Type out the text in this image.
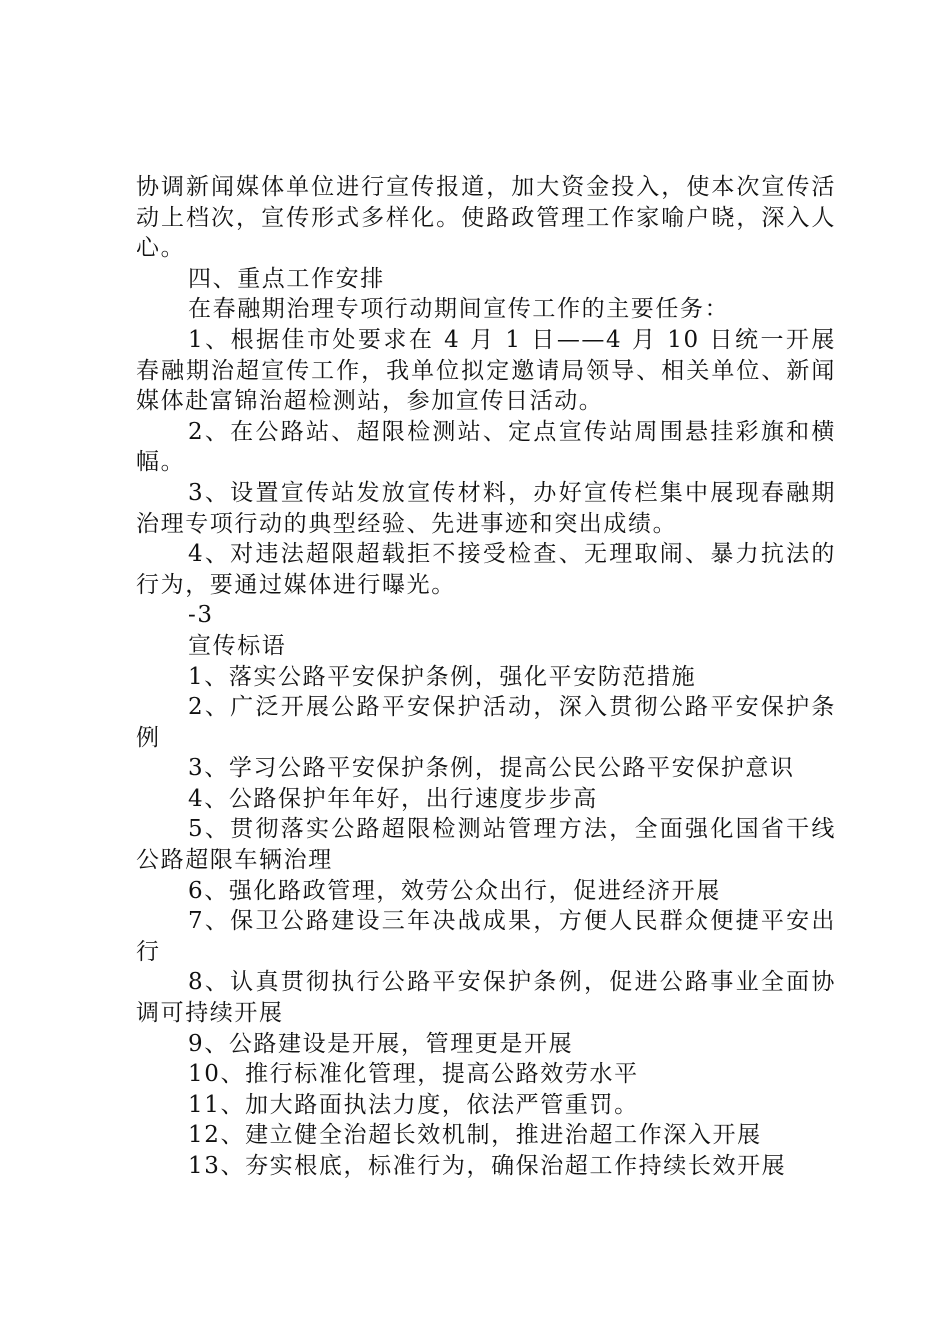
协调新闻媒体单位进行宣传报道，加大资金投入，使本次宣传活动上档次，宣传形式多样化。使路政管理工作家喻户晓，深入人心。

四、重点工作安排

在春融期治理专项行动期间宣传工作的主要任务：

1、根据佳市处要求在 4 月 1 日——4 月 10 日统一开展春融期治超宣传工作，我单位拟定邀请局领导、相关单位、新闻媒体赴富锦治超检测站，参加宣传日活动。

2、在公路站、超限检测站、定点宣传站周围悬挂彩旗和横幅。

3、设置宣传站发放宣传材料，办好宣传栏集中展现春融期治理专项行动的典型经验、先进事迹和突出成绩。

4、对违法超限超载拒不接受检查、无理取闹、暴力抗法的行为，要通过媒体进行曝光。

-3

宣传标语

1、落实公路平安保护条例，强化平安防范措施

2、广泛开展公路平安保护活动，深入贯彻公路平安保护条例

3、学习公路平安保护条例，提高公民公路平安保护意识

4、公路保护年年好，出行速度步步高

5、贯彻落实公路超限检测站管理方法，全面强化国省干线公路超限车辆治理

6、强化路政管理，效劳公众出行，促进经济开展

7、保卫公路建设三年决战成果，方便人民群众便捷平安出行

8、认真贯彻执行公路平安保护条例，促进公路事业全面协调可持续开展

9、公路建设是开展，管理更是开展

10、推行标准化管理，提高公路效劳水平

11、加大路面执法力度，依法严管重罚。

12、建立健全治超长效机制，推进治超工作深入开展

13、夯实根底，标准行为，确保治超工作持续长效开展
